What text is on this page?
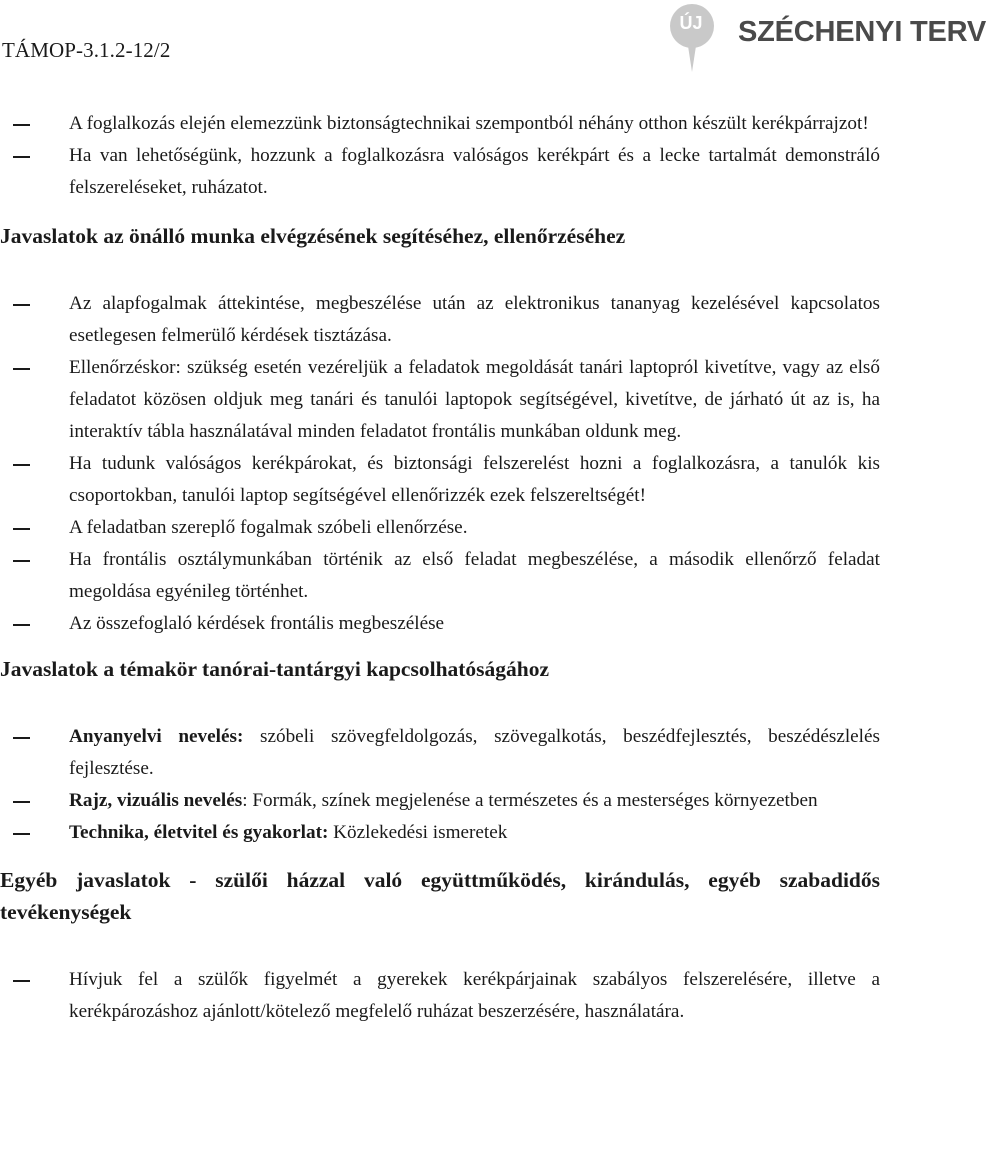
TÁMOP-3.1.2-12/2
ÚJ SZÉCHENYI TERV
A foglalkozás elején elemezzünk biztonságtechnikai szempontból néhány otthon készült kerékpárrajzot!
Ha van lehetőségünk, hozzunk a foglalkozásra valóságos kerékpárt és a lecke tartalmát demonstráló felszereléseket, ruházatot.
Javaslatok az önálló munka elvégzésének segítéséhez, ellenőrzéséhez
Az alapfogalmak áttekintése, megbeszélése után az elektronikus tananyag kezelésével kapcsolatos esetlegesen felmerülő kérdések tisztázása.
Ellenőrzéskor: szükség esetén vezéreljük a feladatok megoldását tanári laptopról kivetítve, vagy az első feladatot közösen oldjuk meg tanári és tanulói laptopok segítségével, kivetítve, de járható út az is, ha interaktív tábla használatával minden feladatot frontális munkában oldunk meg.
Ha tudunk valóságos kerékpárokat, és biztonsági felszerelést hozni a foglalkozásra, a tanulók kis csoportokban, tanulói laptop segítségével ellenőrizzék ezek felszereltségét!
A feladatban szereplő fogalmak szóbeli ellenőrzése.
Ha frontális osztálymunkában történik az első feladat megbeszélése, a második ellenőrző feladat megoldása egyénileg történhet.
Az összefoglaló kérdések frontális megbeszélése
Javaslatok a témakör tanórai-tantárgyi kapcsolhatóságához
Anyanyelvi nevelés: szóbeli szövegfeldolgozás, szövegalkotás, beszédfejlesztés, beszédészlelés fejlesztése.
Rajz, vizuális nevelés: Formák, színek megjelenése a természetes és a mesterséges környezetben
Technika, életvitel és gyakorlat: Közlekedési ismeretek
Egyéb javaslatok - szülői házzal való együttműködés, kirándulás, egyéb szabadidős tevékenységek
Hívjuk fel a szülők figyelmét a gyerekek kerékpárjainak szabályos felszerelésére, illetve a kerékpározáshoz ajánlott/kötelező megfelelő ruházat beszerzésére, használatára.
